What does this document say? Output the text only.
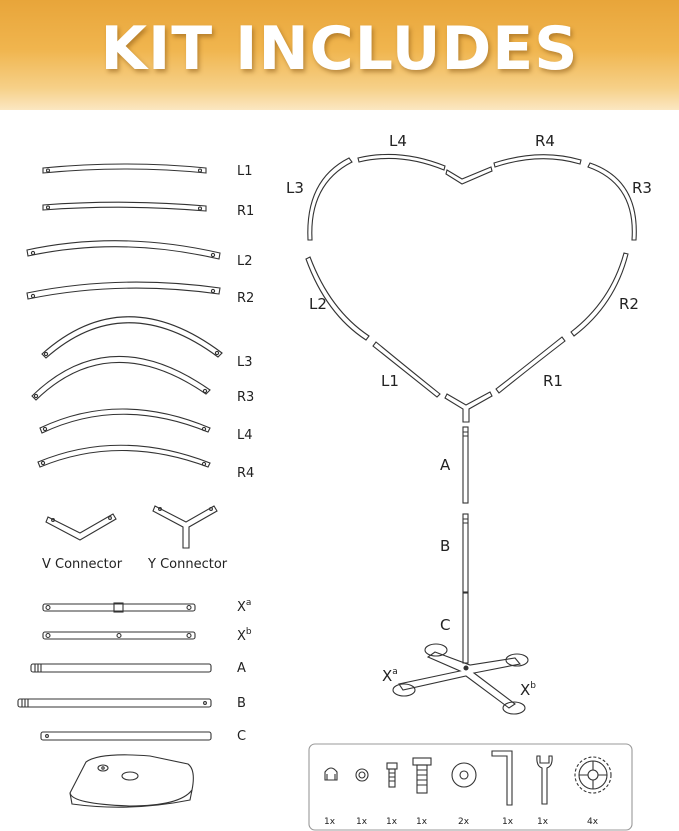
KIT INCLUDES
L1
R1
L2
R2
L3
R3
L4
R4
V Connector Y Connector
$X^a$
$X^b$
A
B
C
L4	R4
L3	R3
L2	R2
L1	R1
A
B
C
$X^a$
$X^b$
1x 1x 1x 1x	2x	1x	1x	4x
